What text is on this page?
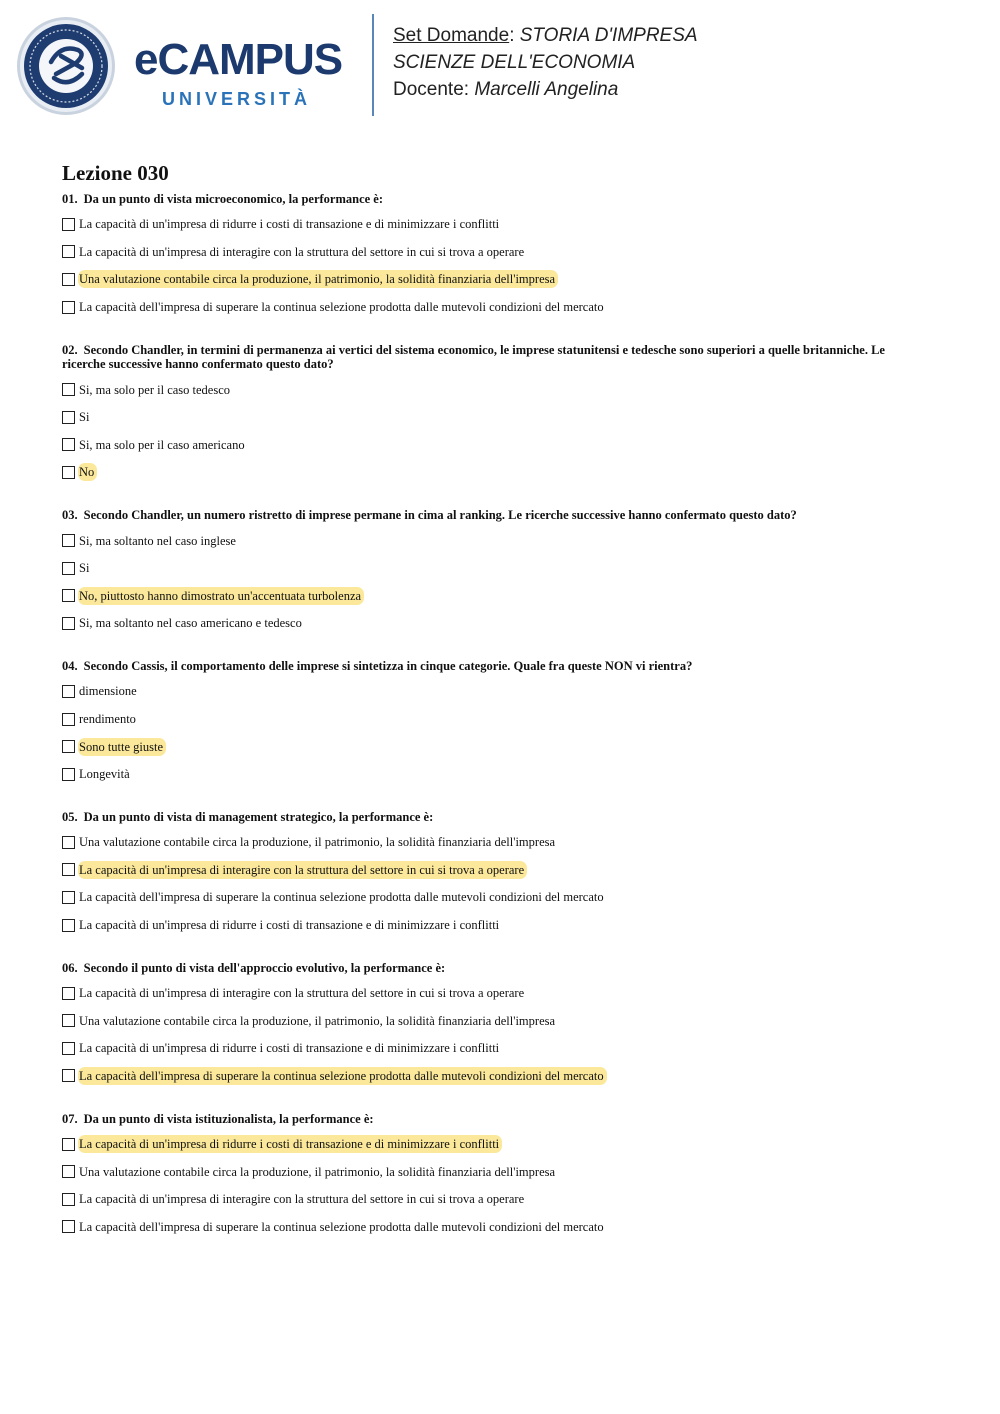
eCAMPUS
UNIVERSITÀ
Set Domande: STORIA D'IMPRESA
SCIENZE DELL'ECONOMIA
Docente: Marcelli Angelina
Lezione 030
01. Da un punto di vista microeconomico, la performance è:
La capacità di un'impresa di ridurre i costi di transazione e di minimizzare i conflitti
La capacità di un'impresa di interagire con la struttura del settore in cui si trova a operare
Una valutazione contabile circa la produzione, il patrimonio, la solidità finanziaria dell'impresa
La capacità dell'impresa di superare la continua selezione prodotta dalle mutevoli condizioni del mercato
02. Secondo Chandler, in termini di permanenza ai vertici del sistema economico, le imprese statunitensi e tedesche sono superiori a quelle britanniche. Le ricerche successive hanno confermato questo dato?
Si, ma solo per il caso tedesco
Si
Si, ma solo per il caso americano
No
03. Secondo Chandler, un numero ristretto di imprese permane in cima al ranking. Le ricerche successive hanno confermato questo dato?
Si, ma soltanto nel caso inglese
Si
No, piuttosto hanno dimostrato un'accentuata turbolenza
Si, ma soltanto nel caso americano e tedesco
04. Secondo Cassis, il comportamento delle imprese si sintetizza in cinque categorie. Quale fra queste NON vi rientra?
dimensione
rendimento
Sono tutte giuste
Longevità
05. Da un punto di vista di management strategico, la performance è:
Una valutazione contabile circa la produzione, il patrimonio, la solidità finanziaria dell'impresa
La capacità di un'impresa di interagire con la struttura del settore in cui si trova a operare
La capacità dell'impresa di superare la continua selezione prodotta dalle mutevoli condizioni del mercato
La capacità di un'impresa di ridurre i costi di transazione e di minimizzare i conflitti
06. Secondo il punto di vista dell'approccio evolutivo, la performance è:
La capacità di un'impresa di interagire con la struttura del settore in cui si trova a operare
Una valutazione contabile circa la produzione, il patrimonio, la solidità finanziaria dell'impresa
La capacità di un'impresa di ridurre i costi di transazione e di minimizzare i conflitti
La capacità dell'impresa di superare la continua selezione prodotta dalle mutevoli condizioni del mercato
07. Da un punto di vista istituzionalista, la performance è:
La capacità di un'impresa di ridurre i costi di transazione e di minimizzare i conflitti
Una valutazione contabile circa la produzione, il patrimonio, la solidità finanziaria dell'impresa
La capacità di un'impresa di interagire con la struttura del settore in cui si trova a operare
La capacità dell'impresa di superare la continua selezione prodotta dalle mutevoli condizioni del mercato
